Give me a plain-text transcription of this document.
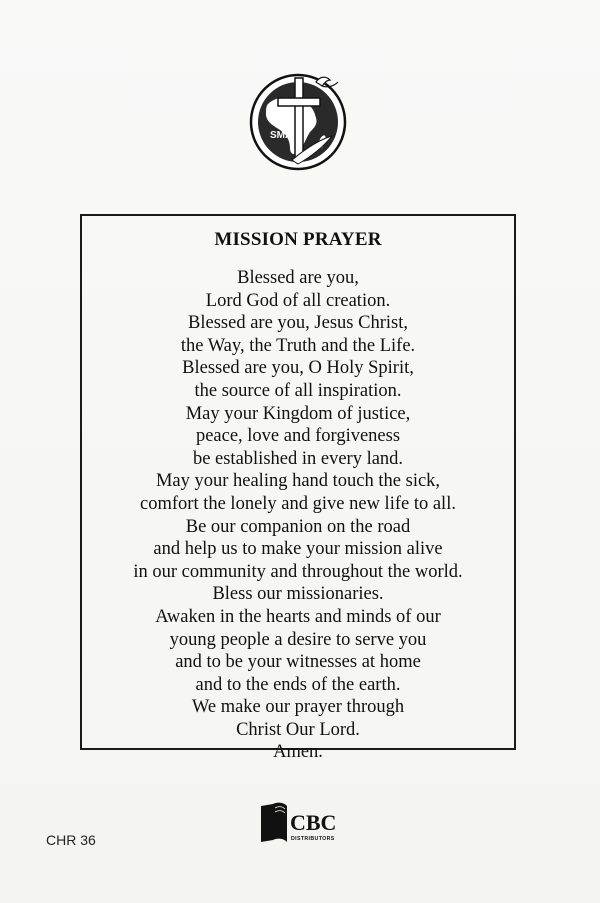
SMA
MISSION PRAYER
Blessed are you,
Lord God of all creation.
Blessed are you, Jesus Christ,
the Way, the Truth and the Life.
Blessed are you, O Holy Spirit,
the source of all inspiration.
May your Kingdom of justice,
peace, love and forgiveness
be established in every land.
May your healing hand touch the sick,
comfort the lonely and give new life to all.
Be our companion on the road
and help us to make your mission alive
in our community and throughout the world.
Bless our missionaries.
Awaken in the hearts and minds of our
young people a desire to serve you
and to be your witnesses at home
and to the ends of the earth.
We make our prayer through
Christ Our Lord.
Amen.
CBC
DISTRIBUTORS
CHR 36
